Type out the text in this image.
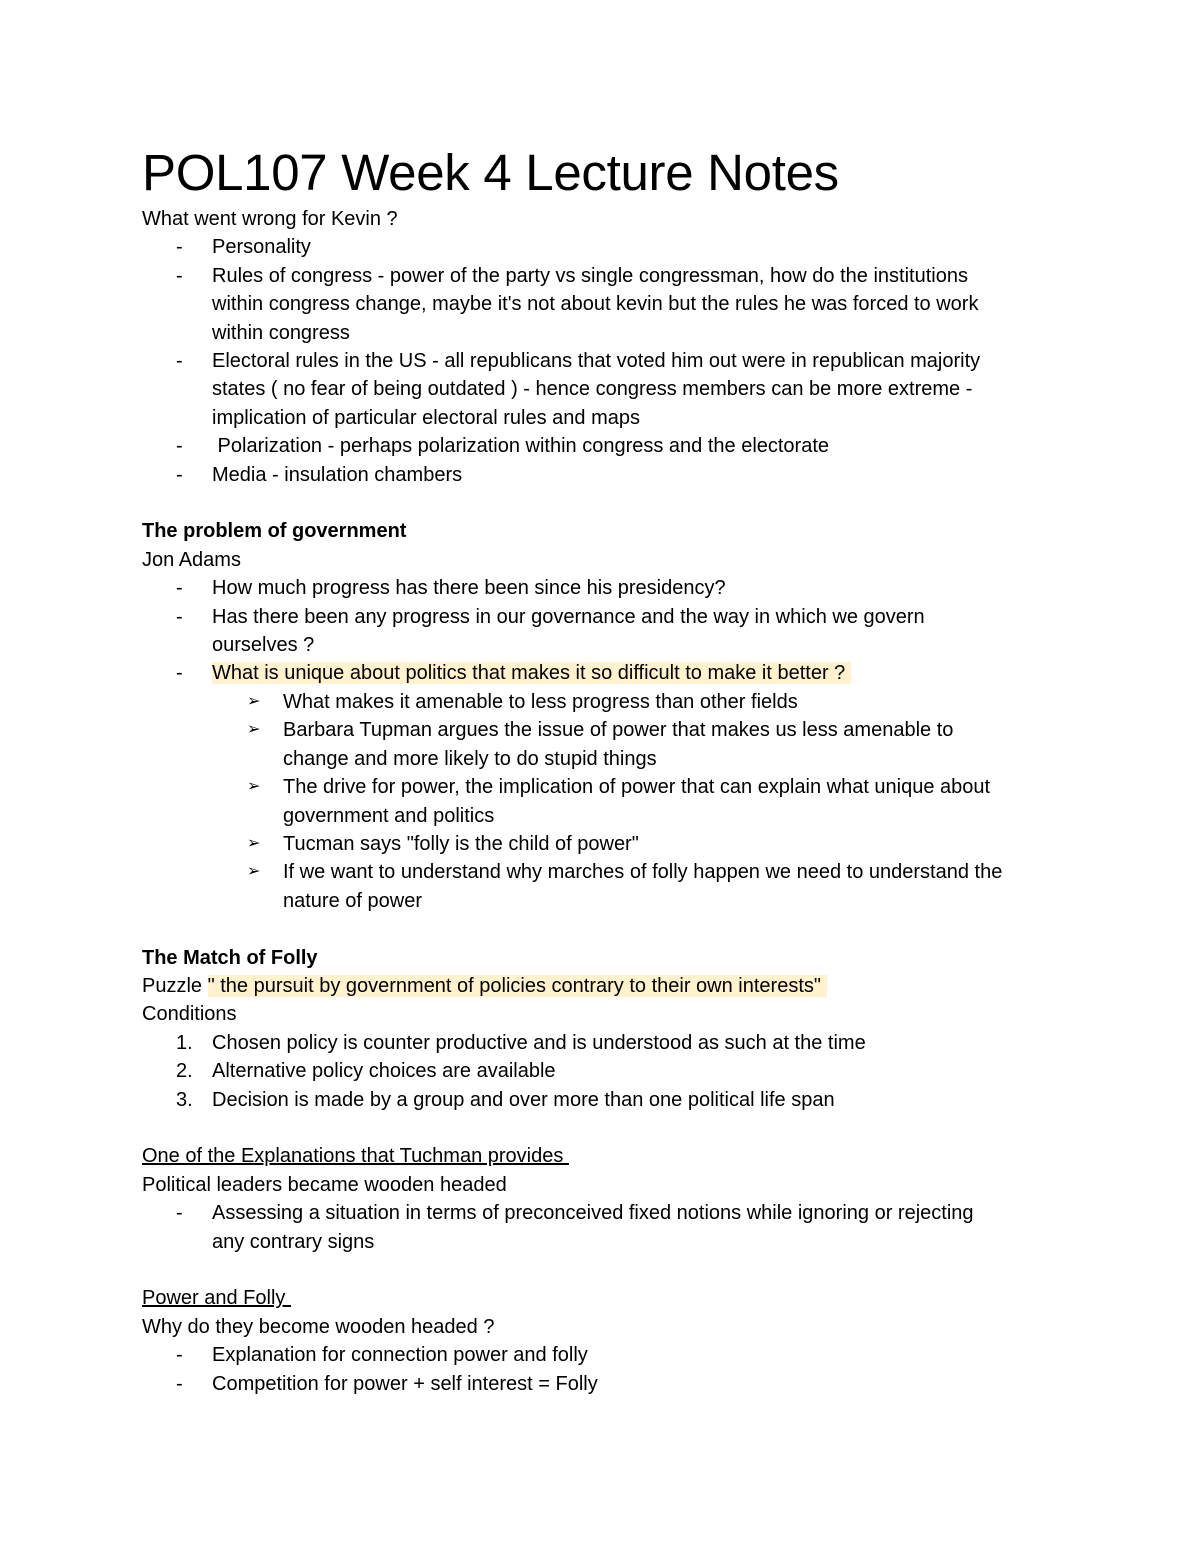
POL107 Week 4 Lecture Notes

What went wrong for Kevin ?

- Personality
- Rules of congress - power of the party vs single congressman, how do the institutions
within congress change, maybe it's not about kevin but the rules he was forced to work
within congress
- Electoral rules in the US - all republicans that voted him out were in republican majority
states ( no fear of being outdated ) - hence congress members can be more extreme -
implication of particular electoral rules and maps
- Polarization - perhaps polarization within congress and the electorate
- Media - insulation chambers

The problem of government

Jon Adams

- How much progress has there been since his presidency?
- Has there been any progress in our governance and the way in which we govern
ourselves ?
- What is unique about politics that makes it so difficult to make it better ?
➢ What makes it amenable to less progress than other fields
➢ Barbara Tupman argues the issue of power that makes us less amenable to
change and more likely to do stupid things
➢ The drive for power, the implication of power that can explain what unique about
government and politics
➢ Tucman says "folly is the child of power"
➢ If we want to understand why marches of folly happen we need to understand the
nature of power

The Match of Folly

Puzzle " the pursuit by government of policies contrary to their own interests"

Conditions

1. Chosen policy is counter productive and is understood as such at the time
2. Alternative policy choices are available
3. Decision is made by a group and over more than one political life span

One of the Explanations that Tuchman provides

Political leaders became wooden headed

- Assessing a situation in terms of preconceived fixed notions while ignoring or rejecting
any contrary signs

Power and Folly

Why do they become wooden headed ?

- Explanation for connection power and folly
- Competition for power + self interest = Folly
